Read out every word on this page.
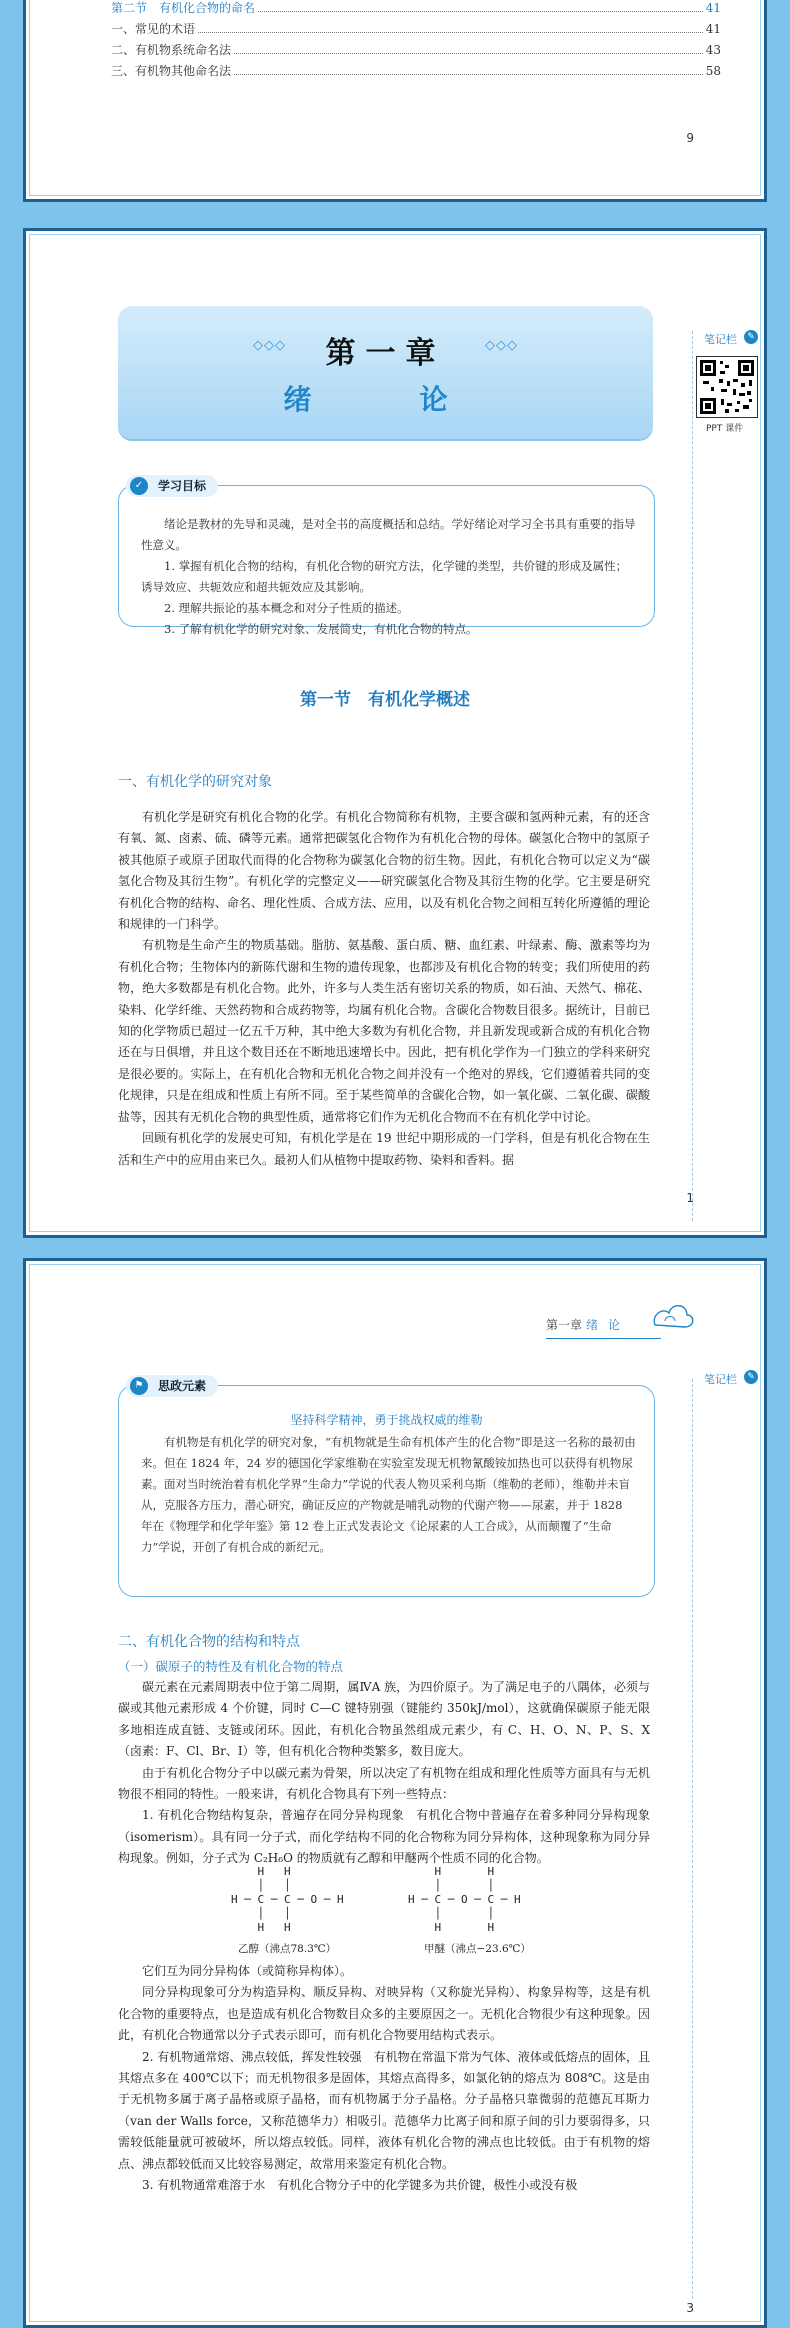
第二节　有机化合物的命名	41
一、常见的术语	41
二、有机物系统命名法	43
三、有机物其他命名法	58
9
笔记栏	✎
PPT 课件
◇◇◇	第一章	◇◇◇
绪　论

绪论是教材的先导和灵魂，是对全书的高度概括和总结。学好绪论对学习全书具有重要的指导性意义。

1. 掌握有机化合物的结构，有机化合物的研究方法，化学键的类型，共价键的形成及属性；诱导效应、共轭效应和超共轭效应及其影响。

2. 理解共振论的基本概念和对分子性质的描述。

3. 了解有机化学的研究对象、发展简史，有机化合物的特点。

✓	学习目标
第一节　有机化学概述
一、有机化学的研究对象

有机化学是研究有机化合物的化学。有机化合物简称有机物，主要含碳和氢两种元素，有的还含有氧、氮、卤素、硫、磷等元素。通常把碳氢化合物作为有机化合物的母体。碳氢化合物中的氢原子被其他原子或原子团取代而得的化合物称为碳氢化合物的衍生物。因此，有机化合物可以定义为“碳氢化合物及其衍生物”。有机化学的完整定义——研究碳氢化合物及其衍生物的化学。它主要是研究有机化合物的结构、命名、理化性质、合成方法、应用，以及有机化合物之间相互转化所遵循的理论和规律的一门科学。

有机物是生命产生的物质基础。脂肪、氨基酸、蛋白质、糖、血红素、叶绿素、酶、激素等均为有机化合物；生物体内的新陈代谢和生物的遗传现象，也都涉及有机化合物的转变；我们所使用的药物，绝大多数都是有机化合物。此外，许多与人类生活有密切关系的物质，如石油、天然气、棉花、染料、化学纤维、天然药物和合成药物等，均属有机化合物。含碳化合物数目很多。据统计，目前已知的化学物质已超过一亿五千万种，其中绝大多数为有机化合物，并且新发现或新合成的有机化合物还在与日俱增，并且这个数目还在不断地迅速增长中。因此，把有机化学作为一门独立的学科来研究是很必要的。实际上，在有机化合物和无机化合物之间并没有一个绝对的界线，它们遵循着共同的变化规律，只是在组成和性质上有所不同。至于某些简单的含碳化合物，如一氧化碳、二氧化碳、碳酸盐等，因其有无机化合物的典型性质，通常将它们作为无机化合物而不在有机化学中讨论。

回顾有机化学的发展史可知，有机化学是在 19 世纪中期形成的一门学科，但是有机化合物在生活和生产中的应用由来已久。最初人们从植物中提取药物、染料和香料。据

1
第一章 绪论
笔记栏	✎
坚持科学精神，勇于挑战权威的维勒

有机物是有机化学的研究对象，“有机物就是生命有机体产生的化合物”即是这一名称的最初由来。但在 1824 年，24 岁的德国化学家维勒在实验室发现无机物氰酸铵加热也可以获得有机物尿素。面对当时统治着有机化学界“生命力”学说的代表人物贝采利乌斯（维勒的老师），维勒并未盲从，克服各方压力，潜心研究，确证反应的产物就是哺乳动物的代谢产物——尿素，并于 1828 年在《物理学和化学年鉴》第 12 卷上正式发表论文《论尿素的人工合成》，从而颠覆了“生命力”学说，开创了有机合成的新纪元。

⚑	思政元素
二、有机化合物的结构和特点
（一）碳原子的特性及有机化合物的特点

碳元素在元素周期表中位于第二周期，属ⅣA 族，为四价原子。为了满足电子的八隅体，必须与碳或其他元素形成 4 个价键，同时 C—C 键特别强（键能约 350kJ/mol），这就确保碳原子能无限多地相连成直链、支链或闭环。因此，有机化合物虽然组成元素少，有 C、H、O、N、P、S、X（卤素：F、Cl、Br、I）等，但有机化合物种类繁多，数目庞大。

由于有机化合物分子中以碳元素为骨架，所以决定了有机物在组成和理化性质等方面具有与无机物很不相同的特性。一般来讲，有机化合物具有下列一些特点：

1. 有机化合物结构复杂，普遍存在同分异构现象　有机化合物中普遍存在着多种同分异构现象（isomerism）。具有同一分子式，而化学结构不同的化合物称为同分异构体，这种现象称为同分异构现象。例如，分子式为 C₂H₆O 的物质就有乙醇和甲醚两个性质不同的化合物。

H   H
│   │
H ─ C ─ C ─ O ─ H
│   │
H   H
乙醇（沸点78.3℃）
H       H
│       │
H ─ C ─ O ─ C ─ H
│       │
H       H
甲醚（沸点−23.6℃）

它们互为同分异构体（或简称异构体）。

同分异构现象可分为构造异构、顺反异构、对映异构（又称旋光异构）、构象异构等，这是有机化合物的重要特点，也是造成有机化合物数目众多的主要原因之一。无机化合物很少有这种现象。因此，有机化合物通常以分子式表示即可，而有机化合物要用结构式表示。

2. 有机物通常熔、沸点较低，挥发性较强　有机物在常温下常为气体、液体或低熔点的固体，且其熔点多在 400℃以下；而无机物很多是固体，其熔点高得多，如氯化钠的熔点为 808℃。这是由于无机物多属于离子晶格或原子晶格，而有机物属于分子晶格。分子晶格只靠微弱的范德瓦耳斯力（van der Walls force，又称范德华力）相吸引。范德华力比离子间和原子间的引力要弱得多，只需较低能量就可被破坏，所以熔点较低。同样，液体有机化合物的沸点也比较低。由于有机物的熔点、沸点都较低而又比较容易测定，故常用来鉴定有机化合物。

3. 有机物通常难溶于水　有机化合物分子中的化学键多为共价键，极性小或没有极

3
